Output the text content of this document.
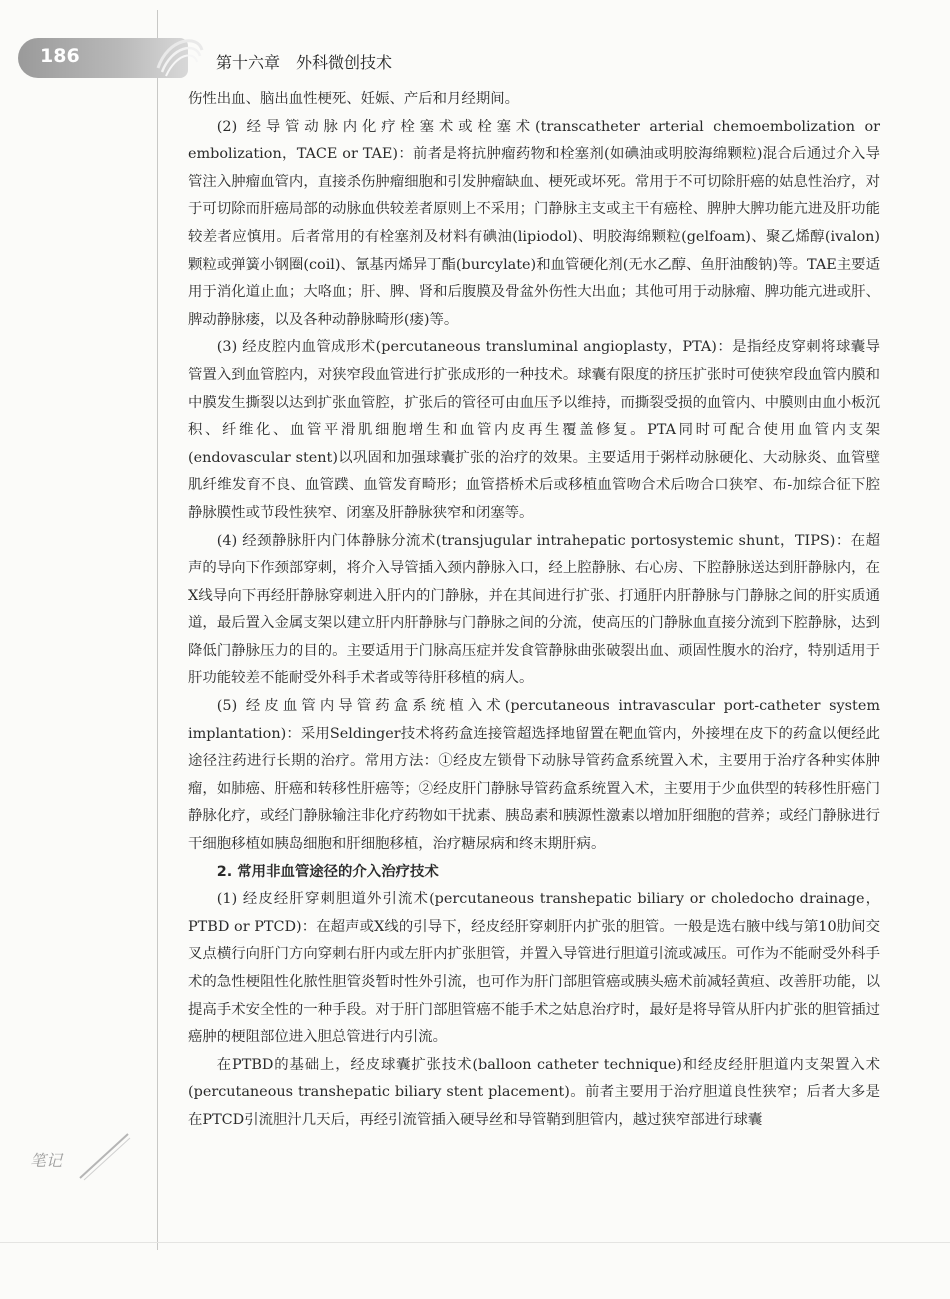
186	第十六章　外科微创技术

伤性出血、脑出血性梗死、妊娠、产后和月经期间。

(2) 经导管动脉内化疗栓塞术或栓塞术(transcatheter arterial chemoembolization or embolization，TACE or TAE)：前者是将抗肿瘤药物和栓塞剂(如碘油或明胶海绵颗粒)混合后通过介入导管注入肿瘤血管内，直接杀伤肿瘤细胞和引发肿瘤缺血、梗死或坏死。常用于不可切除肝癌的姑息性治疗，对于可切除而肝癌局部的动脉血供较差者原则上不采用；门静脉主支或主干有癌栓、脾肿大脾功能亢进及肝功能较差者应慎用。后者常用的有栓塞剂及材料有碘油(lipiodol)、明胶海绵颗粒(gelfoam)、聚乙烯醇(ivalon)颗粒或弹簧小钢圈(coil)、氰基丙烯异丁酯(burcylate)和血管硬化剂(无水乙醇、鱼肝油酸钠)等。TAE主要适用于消化道止血；大咯血；肝、脾、肾和后腹膜及骨盆外伤性大出血；其他可用于动脉瘤、脾功能亢进或肝、脾动静脉瘘，以及各种动静脉畸形(瘘)等。

(3) 经皮腔内血管成形术(percutaneous transluminal angioplasty，PTA)：是指经皮穿刺将球囊导管置入到血管腔内，对狭窄段血管进行扩张成形的一种技术。球囊有限度的挤压扩张时可使狭窄段血管内膜和中膜发生撕裂以达到扩张血管腔，扩张后的管径可由血压予以维持，而撕裂受损的血管内、中膜则由血小板沉积、纤维化、血管平滑肌细胞增生和血管内皮再生覆盖修复。PTA同时可配合使用血管内支架(endovascular stent)以巩固和加强球囊扩张的治疗的效果。主要适用于粥样动脉硬化、大动脉炎、血管壁肌纤维发育不良、血管蹼、血管发育畸形；血管搭桥术后或移植血管吻合术后吻合口狭窄、布-加综合征下腔静脉膜性或节段性狭窄、闭塞及肝静脉狭窄和闭塞等。

(4) 经颈静脉肝内门体静脉分流术(transjugular intrahepatic portosystemic shunt，TIPS)：在超声的导向下作颈部穿刺，将介入导管插入颈内静脉入口，经上腔静脉、右心房、下腔静脉送达到肝静脉内，在X线导向下再经肝静脉穿刺进入肝内的门静脉，并在其间进行扩张、打通肝内肝静脉与门静脉之间的肝实质通道，最后置入金属支架以建立肝内肝静脉与门静脉之间的分流，使高压的门静脉血直接分流到下腔静脉，达到降低门静脉压力的目的。主要适用于门脉高压症并发食管静脉曲张破裂出血、顽固性腹水的治疗，特别适用于肝功能较差不能耐受外科手术者或等待肝移植的病人。

(5) 经皮血管内导管药盒系统植入术(percutaneous intravascular port-catheter system implantation)：采用Seldinger技术将药盒连接管超选择地留置在靶血管内，外接埋在皮下的药盒以便经此途径注药进行长期的治疗。常用方法：①经皮左锁骨下动脉导管药盒系统置入术，主要用于治疗各种实体肿瘤，如肺癌、肝癌和转移性肝癌等；②经皮肝门静脉导管药盒系统置入术，主要用于少血供型的转移性肝癌门静脉化疗，或经门静脉输注非化疗药物如干扰素、胰岛素和胰源性激素以增加肝细胞的营养；或经门静脉进行干细胞移植如胰岛细胞和肝细胞移植，治疗糖尿病和终末期肝病。

2. 常用非血管途径的介入治疗技术

(1) 经皮经肝穿刺胆道外引流术(percutaneous transhepatic biliary or choledocho drainage，PTBD or PTCD)：在超声或X线的引导下，经皮经肝穿刺肝内扩张的胆管。一般是选右腋中线与第10肋间交叉点横行向肝门方向穿刺右肝内或左肝内扩张胆管，并置入导管进行胆道引流或减压。可作为不能耐受外科手术的急性梗阻性化脓性胆管炎暂时性外引流，也可作为肝门部胆管癌或胰头癌术前减轻黄疸、改善肝功能，以提高手术安全性的一种手段。对于肝门部胆管癌不能手术之姑息治疗时，最好是将导管从肝内扩张的胆管插过癌肿的梗阻部位进入胆总管进行内引流。

在PTBD的基础上，经皮球囊扩张技术(balloon catheter technique)和经皮经肝胆道内支架置入术(percutaneous transhepatic biliary stent placement)。前者主要用于治疗胆道良性狭窄；后者大多是在PTCD引流胆汁几天后，再经引流管插入硬导丝和导管鞘到胆管内，越过狭窄部进行球囊

笔记
